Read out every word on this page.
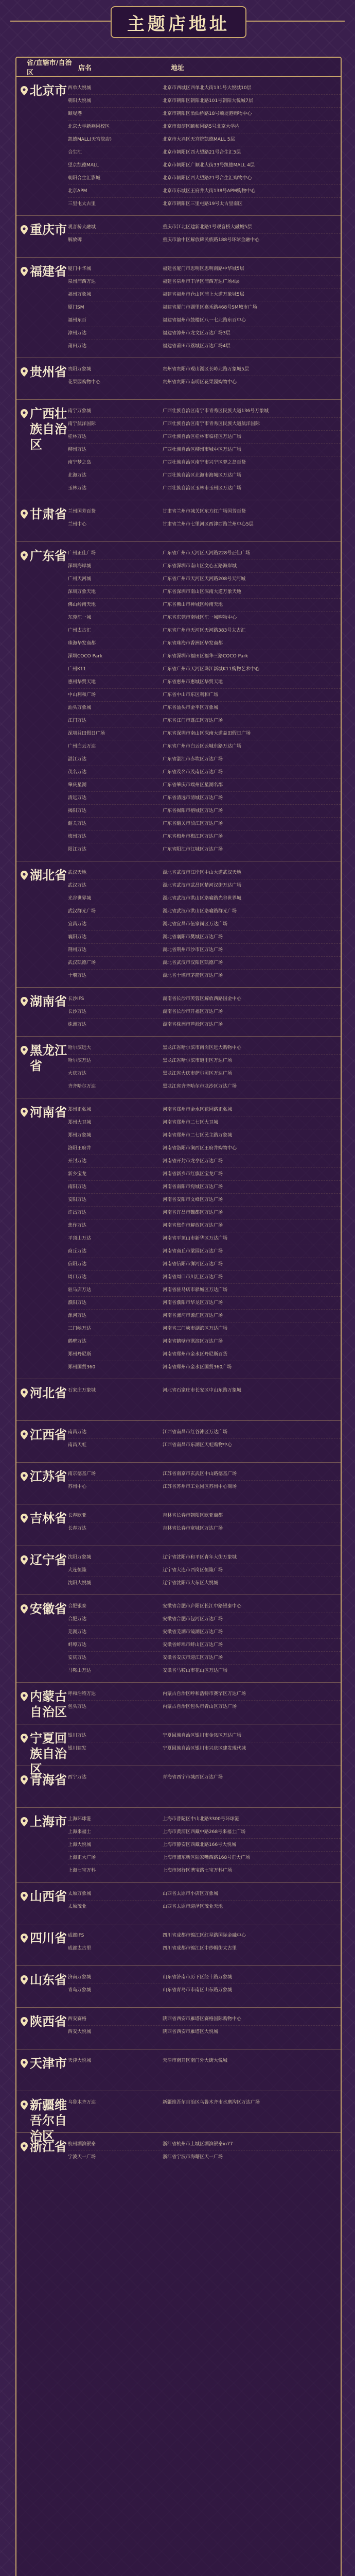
主题店地址
省/直辖市/自治区
店名	地址
北京市 西单大悦城	北京市西城区西单北大街131号大悦城10层
朝阳大悦城	北京市朝阳区朝阳北路101号朝阳大悦城7层
颐堤港	北京市朝阳区酒仙桥路18号颐堤港购物中心
北京大学新燕园校区	北京市海淀区颐和园路5号北京大学内
凯德MALL(天宫院店)	北京市大兴区天宫院凯德MALL 5层
合生汇	北京市朝阳区西大望路21号合生汇5层
望京凯德MALL	北京市朝阳区广顺北大街33号凯德MALL 4层
朝阳合生汇影城	北京市朝阳区西大望路21号合生汇购物中心
北京APM	北京市东城区王府井大街138号APM购物中心
三里屯太古里	北京市朝阳区三里屯路19号太古里南区
重庆市 观音桥大融城	重庆市江北区建新北路1号观音桥大融城5层
解放碑	重庆市渝中区解放碑民族路188号环球金融中心
福建省 厦门中华城	福建省厦门市思明区思明南路中华城5层
泉州浦西万达	福建省泉州市丰泽区浦西万达广场4层
福州万象城	福建省福州市仓山区浦上大道万象城5层
厦门SM	福建省厦门市湖里区嘉禾路468号SM城市广场
福州东百	福建省福州市鼓楼区八一七北路东百中心
漳州万达	福建省漳州市龙文区万达广场3层
莆田万达	福建省莆田市荔城区万达广场4层
贵州省 贵阳万象城	贵州省贵阳市观山湖区长岭北路万象城5层
花果园购物中心	贵州省贵阳市南明区花果园购物中心
广西壮族自治区
南宁万象城	广西壮族自治区南宁市青秀区民族大道136号万象城
南宁航洋国际	广西壮族自治区南宁市青秀区民族大道航洋国际
桂林万达	广西壮族自治区桂林市临桂区万达广场
柳州万达	广西壮族自治区柳州市城中区万达广场
南宁梦之岛	广西壮族自治区南宁市兴宁区梦之岛百货
北海万达	广西壮族自治区北海市海城区万达广场
玉林万达	广西壮族自治区玉林市玉州区万达广场
甘肃省 兰州国芳百货	甘肃省兰州市城关区东方红广场国芳百货
兰州中心	甘肃省兰州市七里河区西津西路兰州中心5层
广东省 广州正佳广场	广东省广州市天河区天河路228号正佳广场
深圳海岸城	广东省深圳市南山区文心五路海岸城
广州天河城	广东省广州市天河区天河路208号天河城
深圳万象天地	广东省深圳市南山区深南大道万象天地
佛山岭南天地	广东省佛山市禅城区岭南天地
东莞汇一城	广东省东莞市南城区汇一城购物中心
广州太古汇	广东省广州市天河区天河路383号太古汇
珠海华发商都	广东省珠海市香洲区华发商都
深圳COCO Park	广东省深圳市福田区福华三路COCO Park
广州K11	广东省广州市天河区珠江新城K11购物艺术中心
惠州华贸天地	广东省惠州市惠城区华贸天地
中山利和广场	广东省中山市东区利和广场
汕头万象城	广东省汕头市金平区万象城
江门万达	广东省江门市蓬江区万达广场
深圳益田假日广场	广东省深圳市南山区深南大道益田假日广场
广州白云万达	广东省广州市白云区云城东路万达广场
湛江万达	广东省湛江市赤坎区万达广场
茂名万达	广东省茂名市茂南区万达广场
肇庆星湖	广东省肇庆市端州区星湖名郡
清远万达	广东省清远市清城区万达广场
揭阳万达	广东省揭阳市榕城区万达广场
韶关万达	广东省韶关市浈江区万达广场
梅州万达	广东省梅州市梅江区万达广场
阳江万达	广东省阳江市江城区万达广场
湖北省 武汉天地	湖北省武汉市江岸区中山大道武汉天地
武汉万达	湖北省武汉市武昌区楚河汉街万达广场
光谷世界城	湖北省武汉市洪山区珞喻路光谷世界城
武汉群光广场	湖北省武汉市洪山区珞喻路群光广场
宜昌万达	湖北省宜昌市伍家岗区万达广场
襄阳万达	湖北省襄阳市樊城区万达广场
荆州万达	湖北省荆州市沙市区万达广场
武汉凯德广场	湖北省武汉市汉阳区凯德广场
十堰万达	湖北省十堰市茅箭区万达广场
湖南省 长沙IFS	湖南省长沙市芙蓉区解放西路国金中心
长沙万达	湖南省长沙市开福区万达广场
株洲万达	湖南省株洲市芦淞区万达广场
黑龙江省
哈尔滨远大	黑龙江省哈尔滨市南岗区远大购物中心
哈尔滨万达	黑龙江省哈尔滨市道里区万达广场
大庆万达	黑龙江省大庆市萨尔图区万达广场
齐齐哈尔万达	黑龙江省齐齐哈尔市龙沙区万达广场
河南省 郑州正弘城	河南省郑州市金水区花园路正弘城
郑州大卫城	河南省郑州市二七区大卫城
郑州万象城	河南省郑州市二七区民主路万象城
洛阳王府井	河南省洛阳市涧西区王府井购物中心
开封万达	河南省开封市龙亭区万达广场
新乡宝龙	河南省新乡市红旗区宝龙广场
南阳万达	河南省南阳市宛城区万达广场
安阳万达	河南省安阳市文峰区万达广场
许昌万达	河南省许昌市魏都区万达广场
焦作万达	河南省焦作市解放区万达广场
平顶山万达	河南省平顶山市新华区万达广场
商丘万达	河南省商丘市梁园区万达广场
信阳万达	河南省信阳市浉河区万达广场
周口万达	河南省周口市川汇区万达广场
驻马店万达	河南省驻马店市驿城区万达广场
濮阳万达	河南省濮阳市华龙区万达广场
漯河万达	河南省漯河市源汇区万达广场
三门峡万达	河南省三门峡市湖滨区万达广场
鹤壁万达	河南省鹤壁市淇滨区万达广场
郑州丹尼斯	河南省郑州市金水区丹尼斯百货
郑州国贸360	河南省郑州市金水区国贸360广场
河北省 石家庄万象城	河北省石家庄市长安区中山东路万象城
江西省 南昌万达	江西省南昌市红谷滩区万达广场
南昌天虹	江西省南昌市东湖区天虹购物中心
江苏省 南京德基广场	江苏省南京市玄武区中山路德基广场
苏州中心	江苏省苏州市工业园区苏州中心商场
吉林省 长春欧亚	吉林省长春市朝阳区欧亚商都
长春万达	吉林省长春市宽城区万达广场
辽宁省 沈阳万象城	辽宁省沈阳市和平区青年大街万象城
大连恒隆	辽宁省大连市西岗区恒隆广场
沈阳大悦城	辽宁省沈阳市大东区大悦城
安徽省 合肥银泰	安徽省合肥市庐阳区长江中路银泰中心
合肥万达	安徽省合肥市包河区万达广场
芜湖万达	安徽省芜湖市镜湖区万达广场
蚌埠万达	安徽省蚌埠市蚌山区万达广场
安庆万达	安徽省安庆市迎江区万达广场
马鞍山万达	安徽省马鞍山市花山区万达广场
内蒙古自治区
呼和浩特万达	内蒙古自治区呼和浩特市赛罕区万达广场
包头万达	内蒙古自治区包头市青山区万达广场
宁夏回族自治区
银川万达	宁夏回族自治区银川市金凤区万达广场
银川建发	宁夏回族自治区银川市兴庆区建发现代城
青海省 西宁万达	青海省西宁市城西区万达广场
上海市 上海环球港	上海市普陀区中山北路3300号环球港
上海来福士	上海市黄浦区西藏中路268号来福士广场
上海大悦城	上海市静安区西藏北路166号大悦城
上海正大广场	上海市浦东新区陆家嘴西路168号正大广场
上海七宝万科	上海市闵行区漕宝路七宝万科广场
山西省 太原万象城	山西省太原市小店区万象城
太原茂业	山西省太原市迎泽区茂业天地
四川省 成都IFS	四川省成都市锦江区红星路国际金融中心
成都太古里	四川省成都市锦江区中纱帽街太古里
山东省 济南万象城	山东省济南市历下区经十路万象城
青岛万象城	山东省青岛市市南区山东路万象城
陕西省 西安赛格	陕西省西安市雁塔区赛格国际购物中心
西安大悦城	陕西省西安市雁塔区大悦城
天津市 天津大悦城	天津市南开区南门外大街大悦城
新疆维吾尔自治区
乌鲁木齐万达	新疆维吾尔自治区乌鲁木齐市水磨沟区万达广场
浙江省 杭州湖滨银泰	浙江省杭州市上城区湖滨银泰in77
宁波天一广场	浙江省宁波市海曙区天一广场
